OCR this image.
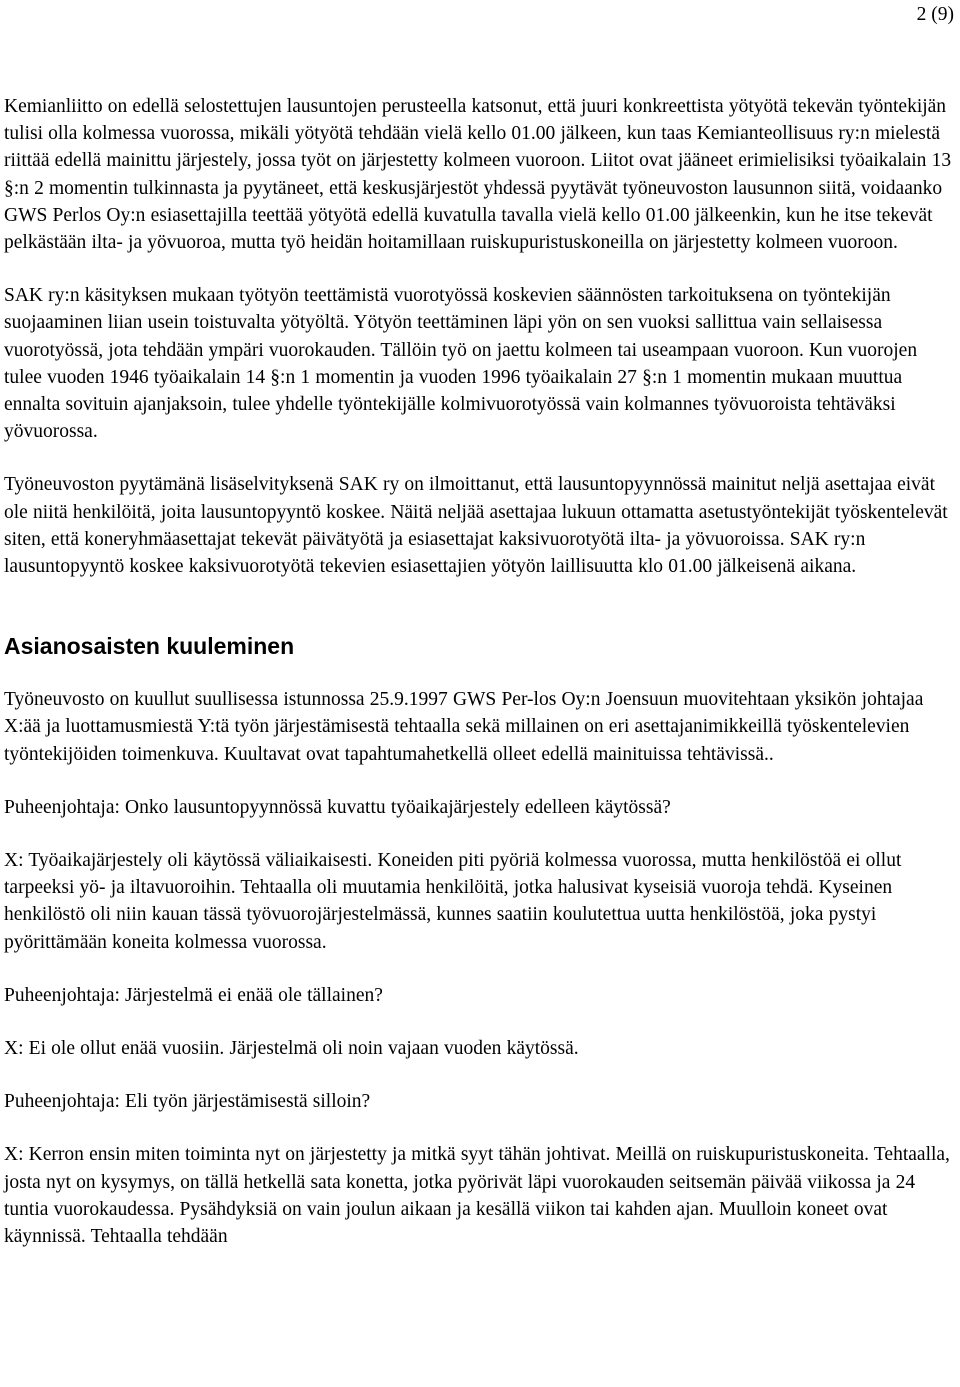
2 (9)

Kemianliitto on edellä selostettujen lausuntojen perusteella katsonut, että juuri konkreettista yötyötä tekevän työntekijän tulisi olla kolmessa vuorossa, mikäli yötyötä tehdään vielä kello 01.00 jälkeen, kun taas Kemianteollisuus ry:n mielestä riittää edellä mainittu järjestely, jossa työt on järjestetty kolmeen vuoroon. Liitot ovat jääneet erimielisiksi työaikalain 13 §:n 2 momentin tulkinnasta ja pyytäneet, että keskusjärjestöt yhdessä pyytävät työneuvoston lausunnon siitä, voidaanko GWS Perlos Oy:n esiasettajilla teettää yötyötä edellä kuvatulla tavalla vielä kello 01.00 jälkeenkin, kun he itse tekevät pelkästään ilta- ja yövuoroa, mutta työ heidän hoitamillaan ruiskupuristuskoneilla on järjestetty kolmeen vuoroon.

SAK ry:n käsityksen mukaan työtyön teettämistä vuorotyössä koskevien säännösten tarkoituksena on työntekijän suojaaminen liian usein toistuvalta yötyöltä. Yötyön teettäminen läpi yön on sen vuoksi sallittua vain sellaisessa vuorotyössä, jota tehdään ympäri vuorokauden. Tällöin työ on jaettu kolmeen tai useampaan vuoroon. Kun vuorojen tulee vuoden 1946 työaikalain 14 §:n 1 momentin ja vuoden 1996 työaikalain 27 §:n 1 momentin mukaan muuttua ennalta sovituin ajanjaksoin, tulee yhdelle työntekijälle kolmivuorotyössä vain kolmannes työvuoroista tehtäväksi yövuorossa.

Työneuvoston pyytämänä lisäselvityksenä SAK ry on ilmoittanut, että lausuntopyynnössä mainitut neljä asettajaa eivät ole niitä henkilöitä, joita lausuntopyyntö koskee. Näitä neljää asettajaa lukuun ottamatta asetustyöntekijät työskentelevät siten, että koneryhmäasettajat tekevät päivätyötä ja esiasettajat kaksivuorotyötä ilta- ja yövuoroissa. SAK ry:n lausuntopyyntö koskee kaksivuorotyötä tekevien esiasettajien yötyön laillisuutta klo 01.00 jälkeisenä aikana.

Asianosaisten kuuleminen

Työneuvosto on kuullut suullisessa istunnossa 25.9.1997 GWS Per-los Oy:n Joensuun muovitehtaan yksikön johtajaa X:ää ja luottamusmiestä Y:tä työn järjestämisestä tehtaalla sekä millainen on eri asettajanimikkeillä työskentelevien työntekijöiden toimenkuva. Kuultavat ovat tapahtumahetkellä olleet edellä mainituissa tehtävissä..

Puheenjohtaja: Onko lausuntopyynnössä kuvattu työaikajärjestely edelleen käytössä?

X: Työaikajärjestely oli käytössä väliaikaisesti. Koneiden piti pyöriä kolmessa vuorossa, mutta henkilöstöä ei ollut tarpeeksi yö- ja iltavuoroihin. Tehtaalla oli muutamia henkilöitä, jotka halusivat kyseisiä vuoroja tehdä. Kyseinen henkilöstö oli niin kauan tässä työvuorojärjestelmässä, kunnes saatiin koulutettua uutta henkilöstöä, joka pystyi pyörittämään koneita kolmessa vuorossa.

Puheenjohtaja: Järjestelmä ei enää ole tällainen?

X: Ei ole ollut enää vuosiin. Järjestelmä oli noin vajaan vuoden käytössä.

Puheenjohtaja: Eli työn järjestämisestä silloin?

X: Kerron ensin miten toiminta nyt on järjestetty ja mitkä syyt tähän johtivat. Meillä on ruiskupuristuskoneita. Tehtaalla, josta nyt on kysymys, on tällä hetkellä sata konetta, jotka pyörivät läpi vuorokauden seitsemän päivää viikossa ja 24 tuntia vuorokaudessa. Pysähdyksiä on vain joulun aikaan ja kesällä viikon tai kahden ajan. Muulloin koneet ovat käynnissä. Tehtaalla tehdään
